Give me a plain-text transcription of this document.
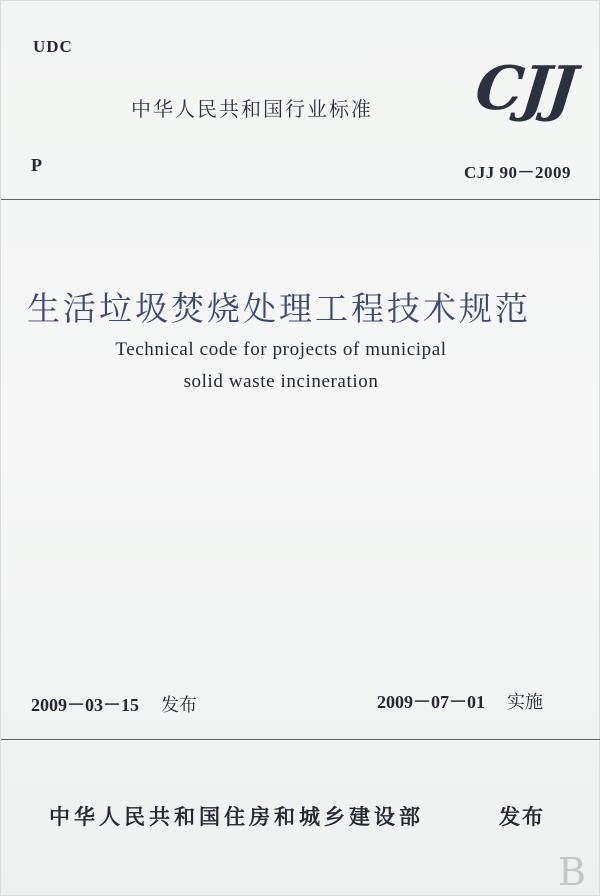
UDC
中华人民共和国行业标准 CJJ
P	CJJ 90－2009
生活垃圾焚烧处理工程技术规范
Technical code for projects of municipal
solid waste incineration
2009－03－15 发布	2009－07－01 实施
中华人民共和国住房和城乡建设部	发布
B
